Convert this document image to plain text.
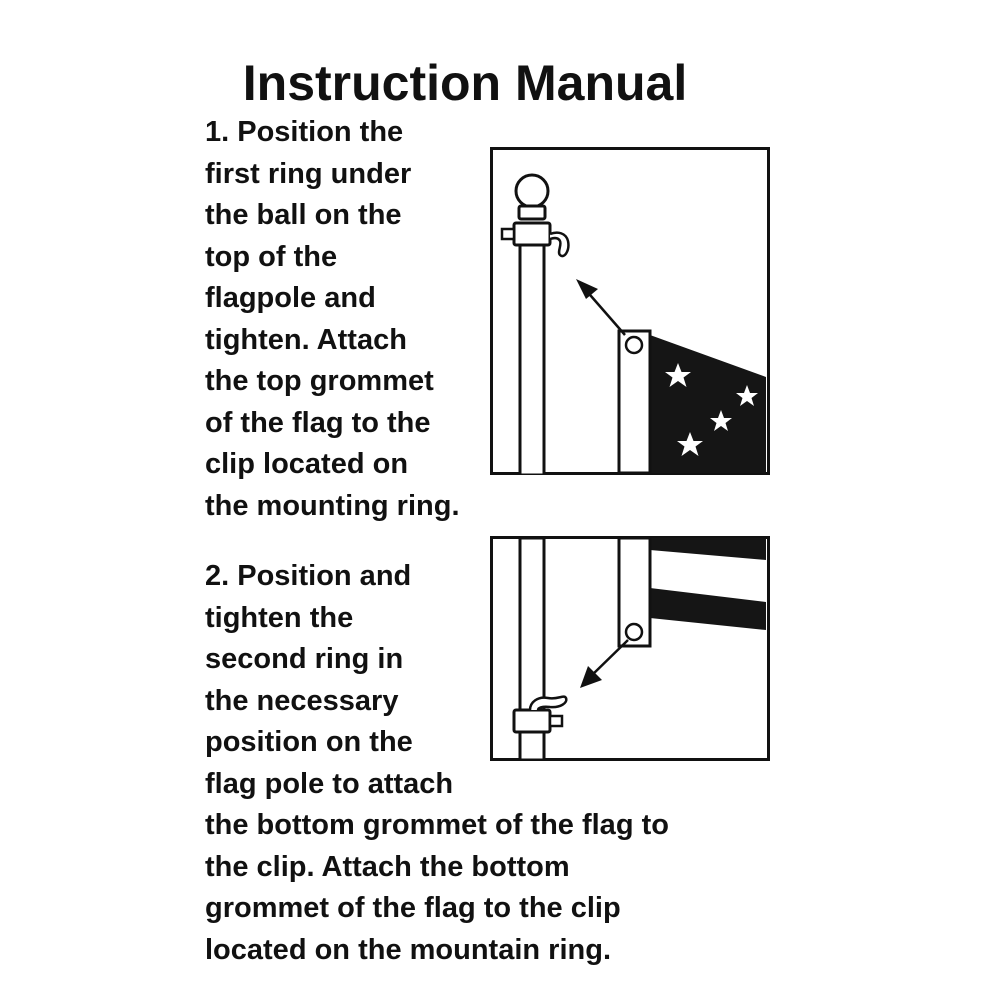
Instruction Manual
1. Position the
first ring under
the ball on the
top of the
flagpole and
tighten. Attach
the top grommet
of the flag to the
clip located on
the mounting ring.
2. Position and
tighten the
second ring in
the necessary
position on the
flag pole to attach
the bottom grommet of the flag to
the clip. Attach the bottom
grommet of the flag to the clip
located on the mountain ring.
